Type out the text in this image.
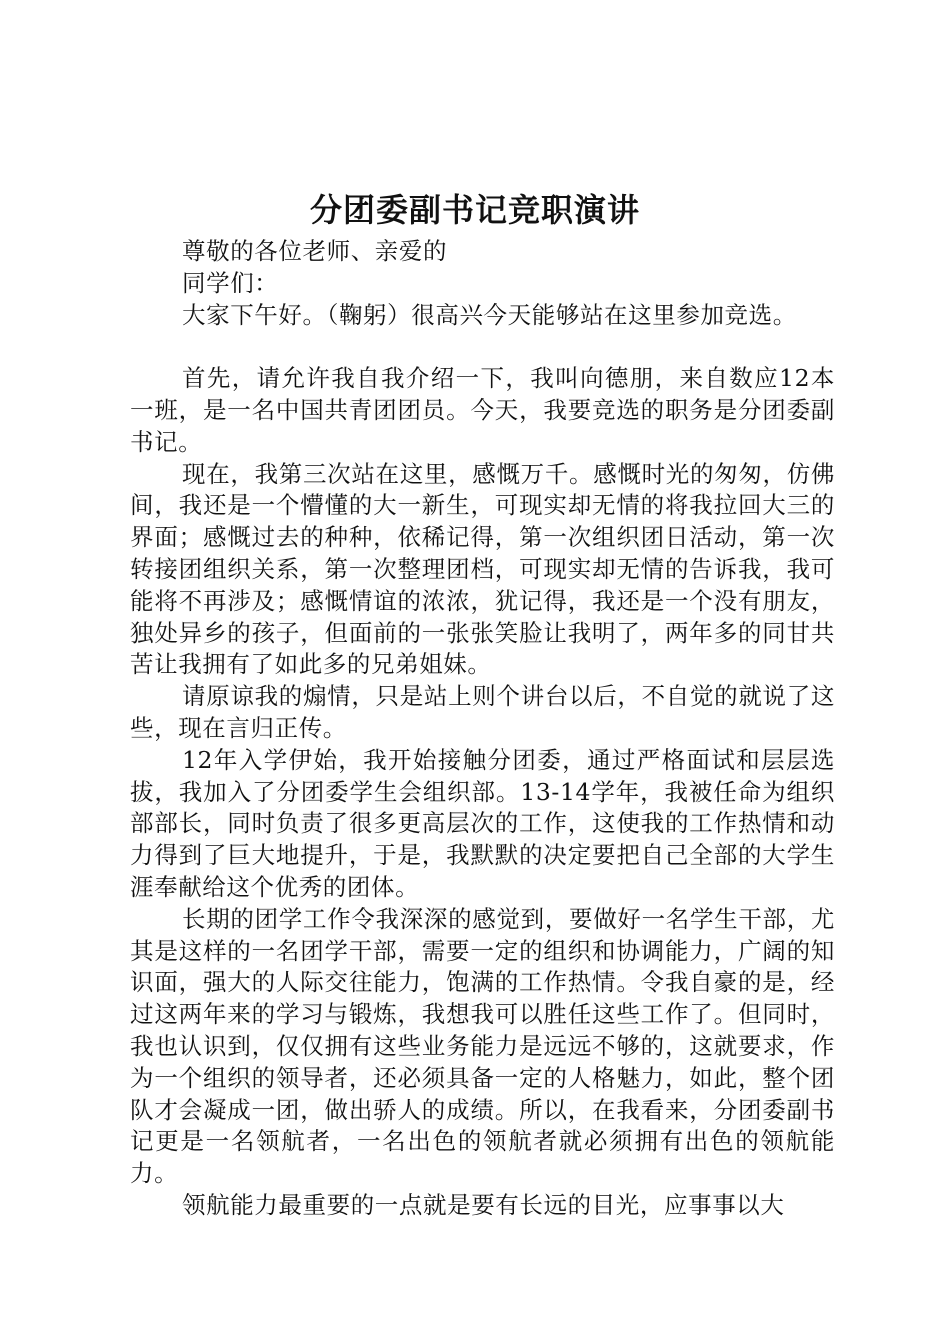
分团委副书记竞职演讲

尊敬的各位老师、亲爱的

同学们：

大家下午好。（鞠躬）很高兴今天能够站在这里参加竞选。

首先，请允许我自我介绍一下，我叫向德朋，来自数应12本一班，是一名中国共青团团员。今天，我要竞选的职务是分团委副书记。

现在，我第三次站在这里，感慨万千。感慨时光的匆匆，仿佛间，我还是一个懵懂的大一新生，可现实却无情的将我拉回大三的界面；感慨过去的种种，依稀记得，第一次组织团日活动，第一次转接团组织关系，第一次整理团档，可现实却无情的告诉我，我可能将不再涉及；感慨情谊的浓浓，犹记得，我还是一个没有朋友，独处异乡的孩子，但面前的一张张笑脸让我明了，两年多的同甘共苦让我拥有了如此多的兄弟姐妹。

请原谅我的煽情，只是站上则个讲台以后，不自觉的就说了这些，现在言归正传。

12年入学伊始，我开始接触分团委，通过严格面试和层层选拔，我加入了分团委学生会组织部。13-14学年，我被任命为组织部部长，同时负责了很多更高层次的工作，这使我的工作热情和动力得到了巨大地提升，于是，我默默的决定要把自己全部的大学生涯奉献给这个优秀的团体。

长期的团学工作令我深深的感觉到，要做好一名学生干部，尤其是这样的一名团学干部，需要一定的组织和协调能力，广阔的知识面，强大的人际交往能力，饱满的工作热情。令我自豪的是，经过这两年来的学习与锻炼，我想我可以胜任这些工作了。但同时，我也认识到，仅仅拥有这些业务能力是远远不够的，这就要求，作为一个组织的领导者，还必须具备一定的人格魅力，如此，整个团队才会凝成一团，做出骄人的成绩。所以，在我看来，分团委副书记更是一名领航者，一名出色的领航者就必须拥有出色的领航能力。

领航能力最重要的一点就是要有长远的目光，应事事以大
